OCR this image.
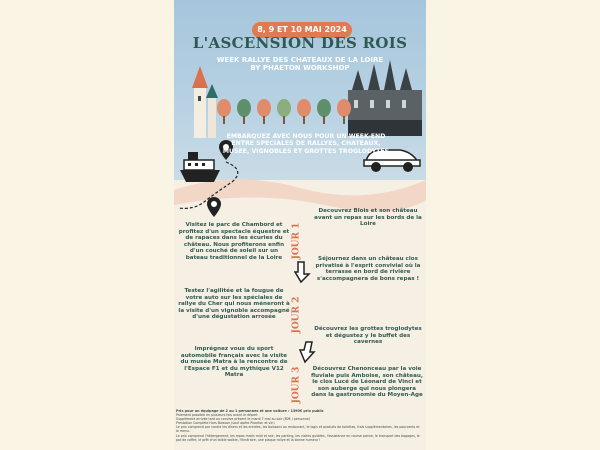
8, 9 ET 10 MAI 2024
L'ASCENSION DES ROIS
WEEK RALLYE DES CHATEAUX DE LA LOIRE BY PHAETON WORKSHOP
EMBARQUEZ AVEC NOUS POUR UN WEEK-END ENTRE SPECIALES DE RALLYES, CHATEAUX, MUSEE, VIGNOBLES ET GROTTES TROGLODYTES
Visitez le parc de Chambord et profitez d'un spectacle équestre et de rapaces dans les écuries du château. Nous profiterons enfin d'un couché de soleil sur un bateau traditionnel de la Loire
Decouvrez Blois et son château avant un repas sur les bords de la Loire
Séjournez dans un château clos privatisé à l'esprit convivial où la terrasse en bord de rivière s'accompagnera de bons repas !
Testez l'agilitée et la fougue de votre auto sur les spéciales de rallye du Cher qui nous méneront à la visite d'un vignoble accompagné d'une dégustation arrosée
Découvrez les grottes troglodytes et dégustez y le buffet des cavernes
Imprégnez vous du sport automobile français avec la visite du musée Matra à la rencontre de l'Espace F1 et du mythique V12 Matra
Découvrez Chenonceau par la voie fluviale puis Amboise, son château, le clos Lucé de Léonard de Vinci et son auberge qui nous plongera dans la gastronomie du Moyen-Age
JOUR 1
JOUR 2
JOUR 3
Prix pour un équipage de 2 ou 1 personnes et une voiture : 1390€ prix public
Paiement possible en plusieurs fois avant le départ
Supplément arrivée tard ou convive présent le mardi 7 mai au soir (80€ / personne)
Prestation Complète Hors Boisson (sauf apéro Phaeton et vin)
Le prix comprend par contre les dîners et les entrées, les boissons au restaurant, le logis et produits de toilettes, frais supplémentaires, les pourcents et le menu.
Le prix comprend l'hébergement, les repas matin midi et soir, les parking, les visites guidées, l'assistance en course panne, le transport des bagages, le pot de coffre, le prêt d'un talkie walkie, l'itinéraire, une plaque rallye et la bonne humeur !
